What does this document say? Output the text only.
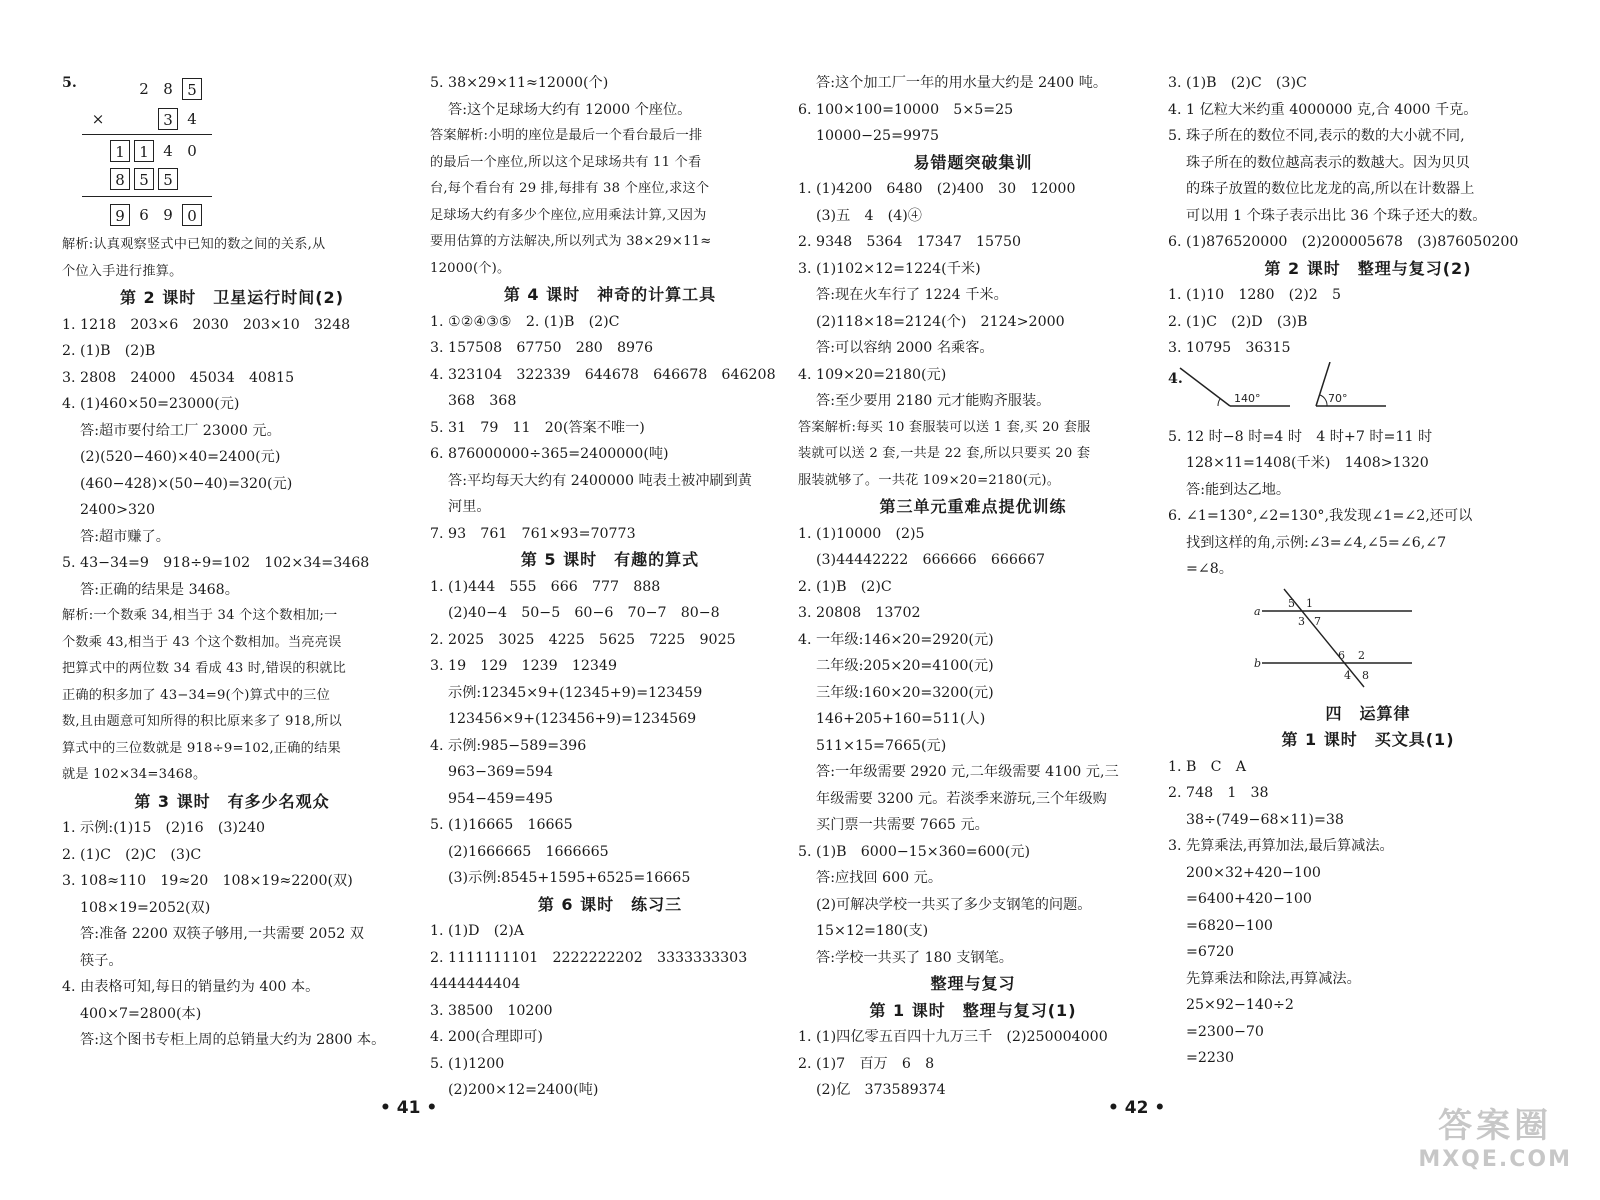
5.	2 8 5
×	3 4
1 1 4 0
8 5 5
9 6 9 0
解析:认真观察竖式中已知的数之间的关系,从
个位入手进行推算。
第 2 课时　卫星运行时间(2)
1. 1218　203×6　2030　203×10　3248
2. (1)B　(2)B
3. 2808　24000　45034　40815
4. (1)460×50=23000(元)
答:超市要付给工厂 23000 元。
(2)(520−460)×40=2400(元)
(460−428)×(50−40)=320(元)
2400>320
答:超市赚了。
5. 43−34=9　918÷9=102　102×34=3468
答:正确的结果是 3468。
解析:一个数乘 34,相当于 34 个这个数相加;一
个数乘 43,相当于 43 个这个数相加。当亮亮误
把算式中的两位数 34 看成 43 时,错误的积就比
正确的积多加了 43−34=9(个)算式中的三位
数,且由题意可知所得的积比原来多了 918,所以
算式中的三位数就是 918÷9=102,正确的结果
就是 102×34=3468。
第 3 课时　有多少名观众
1. 示例:(1)15　(2)16　(3)240
2. (1)C　(2)C　(3)C
3. 108≈110　19≈20　108×19≈2200(双)
108×19=2052(双)
答:准备 2200 双筷子够用,一共需要 2052 双
筷子。
4. 由表格可知,每日的销量约为 400 本。
400×7=2800(本)
答:这个图书专柜上周的总销量大约为 2800 本。
5. 38×29×11≈12000(个)
答:这个足球场大约有 12000 个座位。
答案解析:小明的座位是最后一个看台最后一排
的最后一个座位,所以这个足球场共有 11 个看
台,每个看台有 29 排,每排有 38 个座位,求这个
足球场大约有多少个座位,应用乘法计算,又因为
要用估算的方法解决,所以列式为 38×29×11≈
12000(个)。
第 4 课时　神奇的计算工具
1. ①②④③⑤　2. (1)B　(2)C
3. 157508　67750　280　8976
4. 323104　322339　644678　646678　646208
368　368
5. 31　79　11　20(答案不唯一)
6. 876000000÷365=2400000(吨)
答:平均每天大约有 2400000 吨表土被冲刷到黄
河里。
7. 93　761　761×93=70773
第 5 课时　有趣的算式
1. (1)444　555　666　777　888
(2)40−4　50−5　60−6　70−7　80−8
2. 2025　3025　4225　5625　7225　9025
3. 19　129　1239　12349
示例:12345×9+(12345+9)=123459
123456×9+(123456+9)=1234569
4. 示例:985−589=396
963−369=594
954−459=495
5. (1)16665　16665
(2)1666665　1666665
(3)示例:8545+1595+6525=16665
第 6 课时　练习三
1. (1)D　(2)A
2. 1111111101　2222222202　3333333303
4444444404
3. 38500　10200
4. 200(合理即可)
5. (1)1200
(2)200×12=2400(吨)
答:这个加工厂一年的用水量大约是 2400 吨。
6. 100×100=10000　5×5=25
10000−25=9975
易错题突破集训
1. (1)4200　6480　(2)400　30　12000
(3)五　4　(4)④
2. 9348　5364　17347　15750
3. (1)102×12=1224(千米)
答:现在火车行了 1224 千米。
(2)118×18=2124(个)　2124>2000
答:可以容纳 2000 名乘客。
4. 109×20=2180(元)
答:至少要用 2180 元才能购齐服装。
答案解析:每买 10 套服装可以送 1 套,买 20 套服
装就可以送 2 套,一共是 22 套,所以只要买 20 套
服装就够了。一共花 109×20=2180(元)。
第三单元重难点提优训练
1. (1)10000　(2)5
(3)44442222　666666　666667
2. (1)B　(2)C
3. 20808　13702
4. 一年级:146×20=2920(元)
二年级:205×20=4100(元)
三年级:160×20=3200(元)
146+205+160=511(人)
511×15=7665(元)
答:一年级需要 2920 元,二年级需要 4100 元,三
年级需要 3200 元。若淡季来游玩,三个年级购
买门票一共需要 7665 元。
5. (1)B　6000−15×360=600(元)
答:应找回 600 元。
(2)可解决学校一共买了多少支钢笔的问题。
15×12=180(支)
答:学校一共买了 180 支钢笔。
整理与复习
第 1 课时　整理与复习(1)
1. (1)四亿零五百四十九万三千　(2)250004000
2. (1)7　百万　6　8
(2)亿　373589374
3. (1)B　(2)C　(3)C
4. 1 亿粒大米约重 4000000 克,合 4000 千克。
5. 珠子所在的数位不同,表示的数的大小就不同,
珠子所在的数位越高表示的数越大。因为贝贝
的珠子放置的数位比龙龙的高,所以在计数器上
可以用 1 个珠子表示出比 36 个珠子还大的数。
6. (1)876520000　(2)200005678　(3)876050200
第 2 课时　整理与复习(2)
1. (1)10　1280　(2)2　5
2. (1)C　(2)D　(3)B
3. 10795　36315
4.
140°	70°
5. 12 时−8 时=4 时　4 时+7 时=11 时
128×11=1408(千米)　1408>1320
答:能到达乙地。
6. ∠1=130°,∠2=130°,我发现∠1=∠2,还可以
找到这样的角,示例:∠3=∠4,∠5=∠6,∠7
=∠8。
a
b
1
2
3
4
5
6
7
8
四　运算律
第 1 课时　买文具(1)
1. B　C　A
2. 748　1　38
38÷(749−68×11)=38
3. 先算乘法,再算加法,最后算减法。
200×32+420−100
=6400+420−100
=6820−100
=6720
先算乘法和除法,再算减法。
25×92−140÷2
=2300−70
=2230
• 41 •	• 42 •	答案圈
MXQE.COM
